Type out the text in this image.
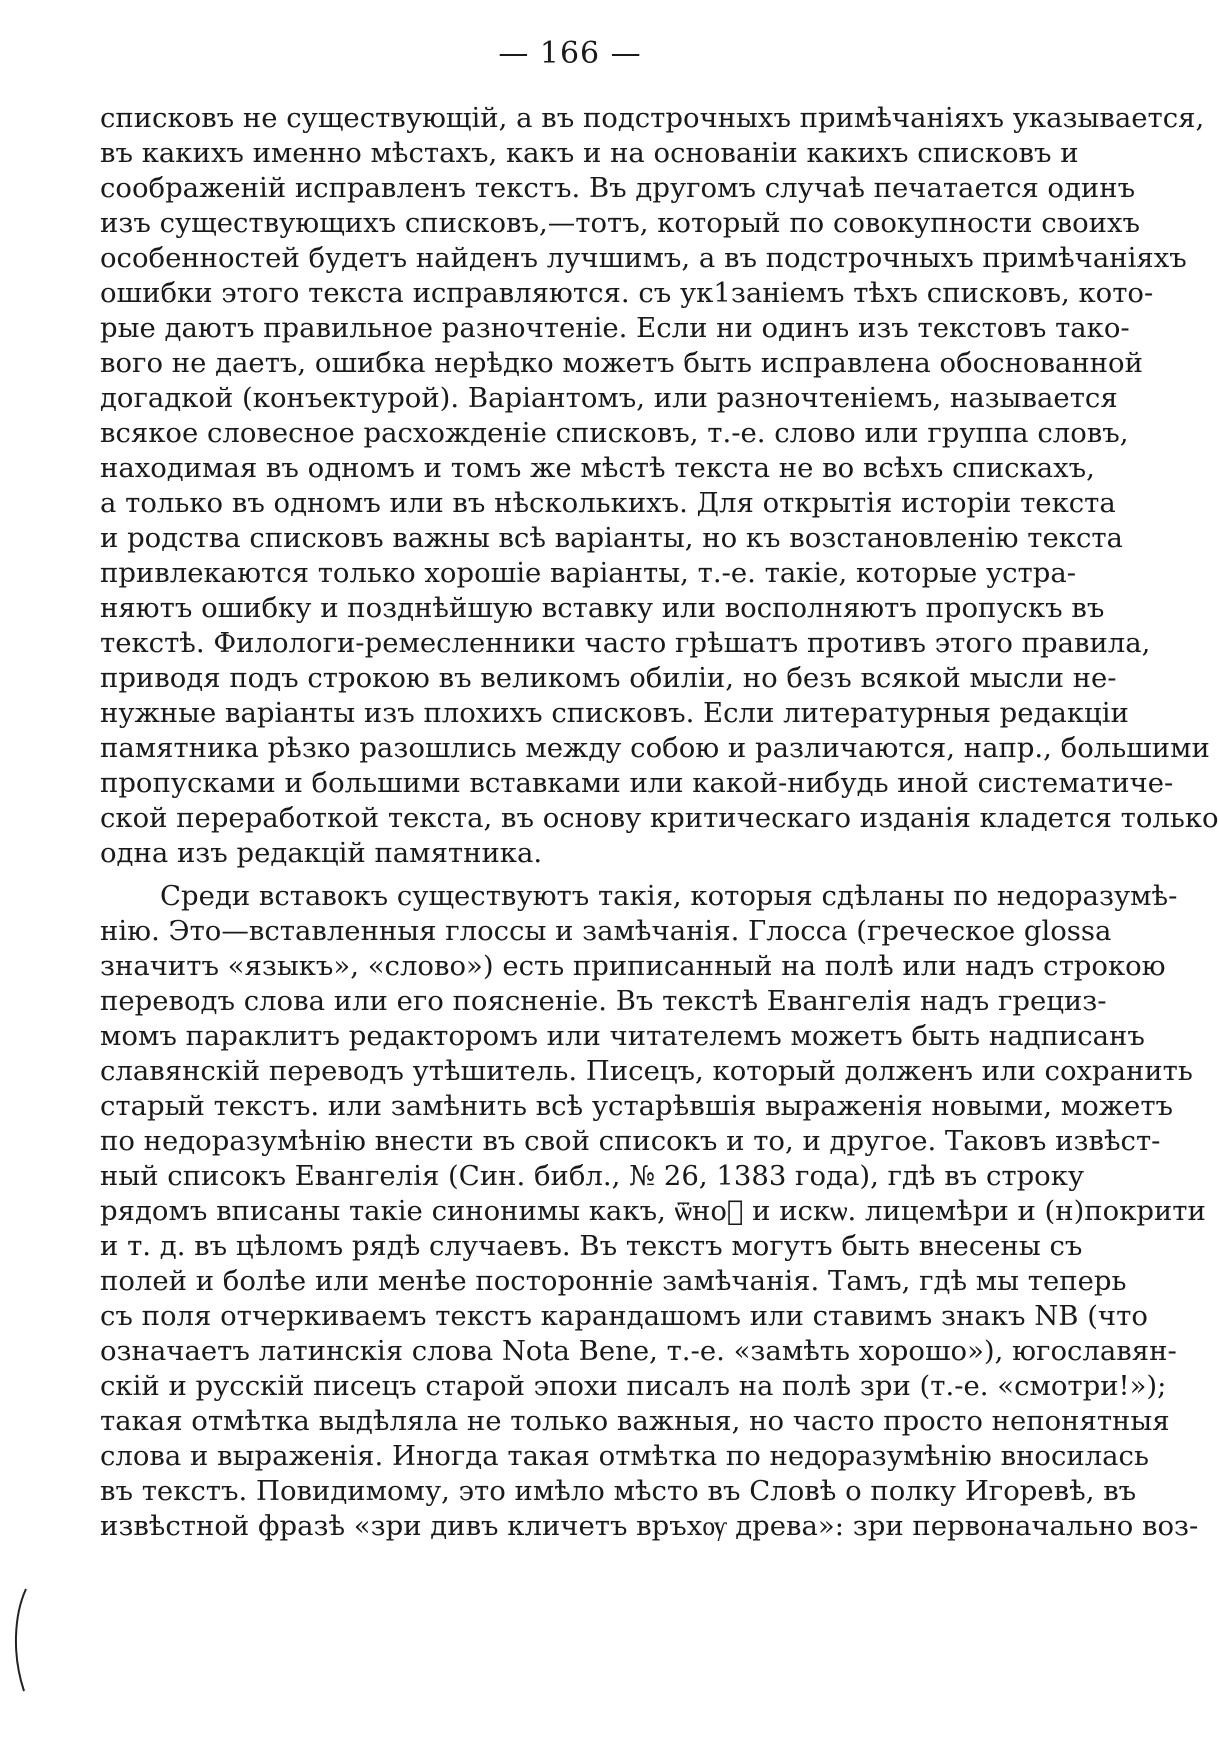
— 166 —
списковъ не существующій, а въ подстрочныхъ примѣчаніяхъ указывается,
въ какихъ именно мѣстахъ, какъ и на основаніи какихъ списковъ и
соображеній исправленъ текстъ. Въ другомъ случаѣ печатается одинъ
изъ существующихъ списковъ,—тотъ, который по совокупности своихъ
особенностей будетъ найденъ лучшимъ, а въ подстрочныхъ примѣчаніяхъ
ошибки этого текста исправляются. съ ук1заніемъ тѣхъ списковъ, кото-
рые даютъ правильное разночтеніе. Если ни одинъ изъ текстовъ тако-
вого не даетъ, ошибка нерѣдко можетъ быть исправлена обоснованной
догадкой (конъектурой). Варіантомъ, или разночтеніемъ, называется
всякое словесное расхожденіе списковъ, т.-е. слово или группа словъ,
находимая въ одномъ и томъ же мѣстѣ текста не во всѣхъ спискахъ,
а только въ одномъ или въ нѣсколькихъ. Для открытія исторіи текста
и родства списковъ важны всѣ варіанты, но къ возстановленію текста
привлекаются только хорошіе варіанты, т.-е. такіе, которые устра-
няютъ ошибку и позднѣйшую вставку или восполняютъ пропускъ въ
текстѣ. Филологи-ремесленники часто грѣшатъ противъ этого правила,
приводя подъ строкою въ великомъ обиліи, но безъ всякой мысли не-
нужные варіанты изъ плохихъ списковъ. Если литературныя редакціи
памятника рѣзко разошлись между собою и различаются, напр., большими
пропусками и большими вставками или какой-нибудь иной систематиче-
ской переработкой текста, въ основу критическаго изданія кладется только
одна изъ редакцій памятника.
Среди вставокъ существуютъ такія, которыя сдѣланы по недоразумѣ-
нію. Это—вставленныя глоссы и замѣчанія. Глосса (греческое glossa
значитъ «языкъ», «слово») есть приписанный на полѣ или надъ строкою
переводъ слова или его поясненіе. Въ текстѣ Евангелія надъ грециз-
момъ параклитъ редакторомъ или читателемъ можетъ быть надписанъ
славянскій переводъ утѣшитель. Писецъ, который долженъ или сохранить
старый текстъ. или замѣнить всѣ устарѣвшія выраженія новыми, можетъ
по недоразумѣнію внести въ свой списокъ и то, и другое. Таковъ извѣст-
ный списокъ Евангелія (Син. библ., № 26, 1383 года), гдѣ въ строку
рядомъ вписаны такіе синонимы какъ, ѿноⷣ и искѡ. лицемѣри и (н)покрити
и т. д. въ цѣломъ рядѣ случаевъ. Въ текстъ могутъ быть внесены съ
полей и болѣе или менѣе посторонніе замѣчанія. Тамъ, гдѣ мы теперь
съ поля отчеркиваемъ текстъ карандашомъ или ставимъ знакъ NB (что
означаетъ латинскія слова Nota Bene, т.-е. «замѣть хорошо»), югославян-
скій и русскій писецъ старой эпохи писалъ на полѣ зри (т.-е. «смотри!»);
такая отмѣтка выдѣляла не только важныя, но часто просто непонятныя
слова и выраженія. Иногда такая отмѣтка по недоразумѣнію вносилась
въ текстъ. Повидимому, это имѣло мѣсто въ Словѣ о полку Игоревѣ, въ
извѣстной фразѣ «зри дивъ кличетъ връхѹ древа»: зри первоначально воз-
